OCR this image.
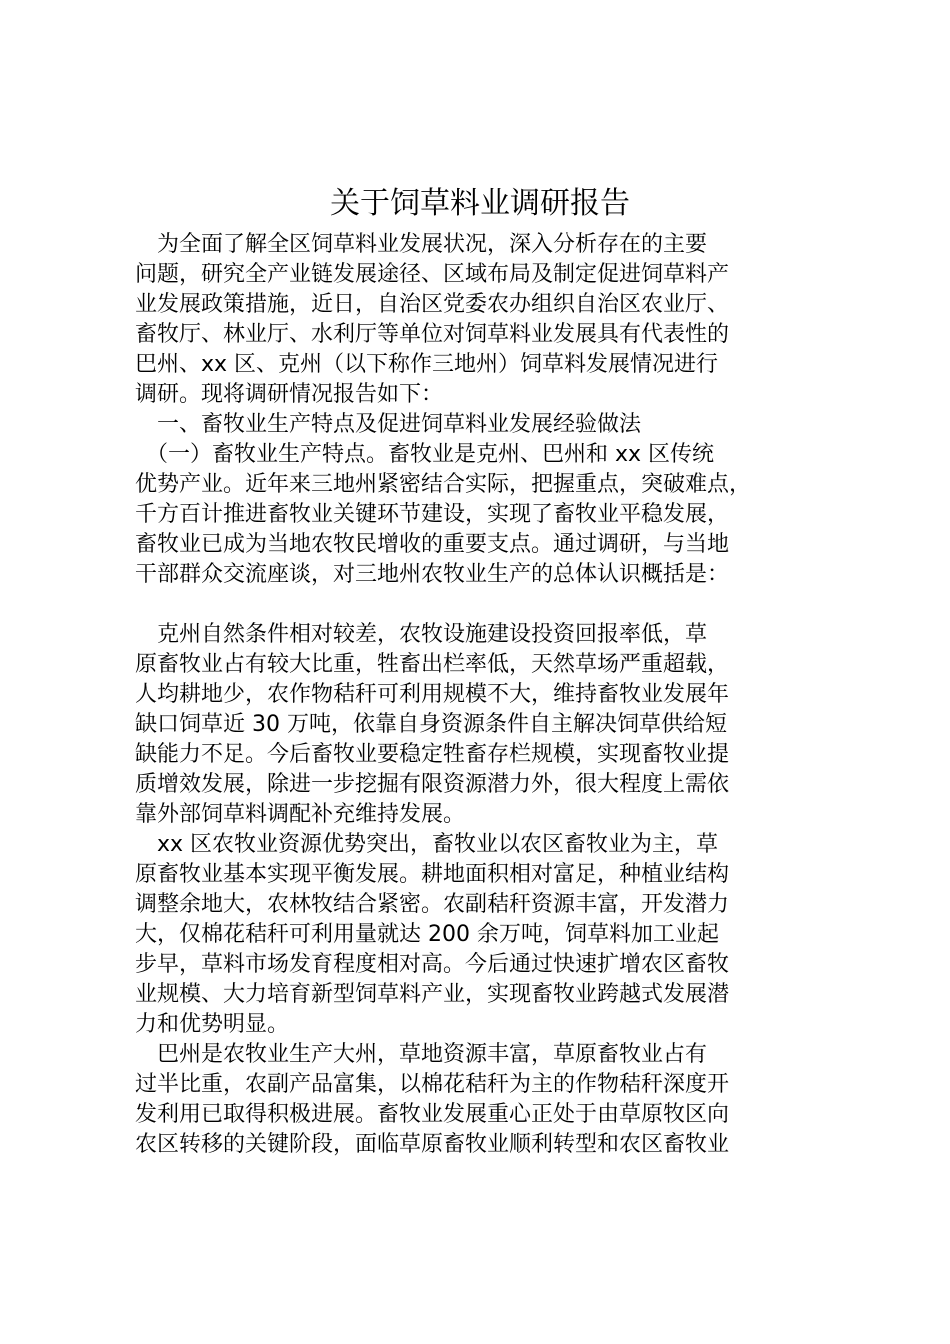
关于饲草料业调研报告
　为全面了解全区饲草料业发展状况，深入分析存在的主要
问题，研究全产业链发展途径、区域布局及制定促进饲草料产
业发展政策措施，近日，自治区党委农办组织自治区农业厅、
畜牧厅、林业厅、水利厅等单位对饲草料业发展具有代表性的
巴州、xx 区、克州（以下称作三地州）饲草料发展情况进行
调研。现将调研情况报告如下：
　一、畜牧业生产特点及促进饲草料业发展经验做法
　（一）畜牧业生产特点。畜牧业是克州、巴州和 xx 区传统
优势产业。近年来三地州紧密结合实际，把握重点，突破难点，
千方百计推进畜牧业关键环节建设，实现了畜牧业平稳发展，
畜牧业已成为当地农牧民增收的重要支点。通过调研，与当地
干部群众交流座谈，对三地州农牧业生产的总体认识概括是：
　克州自然条件相对较差，农牧设施建设投资回报率低，草
原畜牧业占有较大比重，牲畜出栏率低，天然草场严重超载，
人均耕地少，农作物秸秆可利用规模不大，维持畜牧业发展年
缺口饲草近 30 万吨，依靠自身资源条件自主解决饲草供给短
缺能力不足。今后畜牧业要稳定牲畜存栏规模，实现畜牧业提
质增效发展，除进一步挖掘有限资源潜力外，很大程度上需依
靠外部饲草料调配补充维持发展。
　xx 区农牧业资源优势突出，畜牧业以农区畜牧业为主，草
原畜牧业基本实现平衡发展。耕地面积相对富足，种植业结构
调整余地大，农林牧结合紧密。农副秸秆资源丰富，开发潜力
大，仅棉花秸秆可利用量就达 200 余万吨，饲草料加工业起
步早，草料市场发育程度相对高。今后通过快速扩增农区畜牧
业规模、大力培育新型饲草料产业，实现畜牧业跨越式发展潜
力和优势明显。
　巴州是农牧业生产大州，草地资源丰富，草原畜牧业占有
过半比重，农副产品富集，以棉花秸秆为主的作物秸秆深度开
发利用已取得积极进展。畜牧业发展重心正处于由草原牧区向
农区转移的关键阶段，面临草原畜牧业顺利转型和农区畜牧业
